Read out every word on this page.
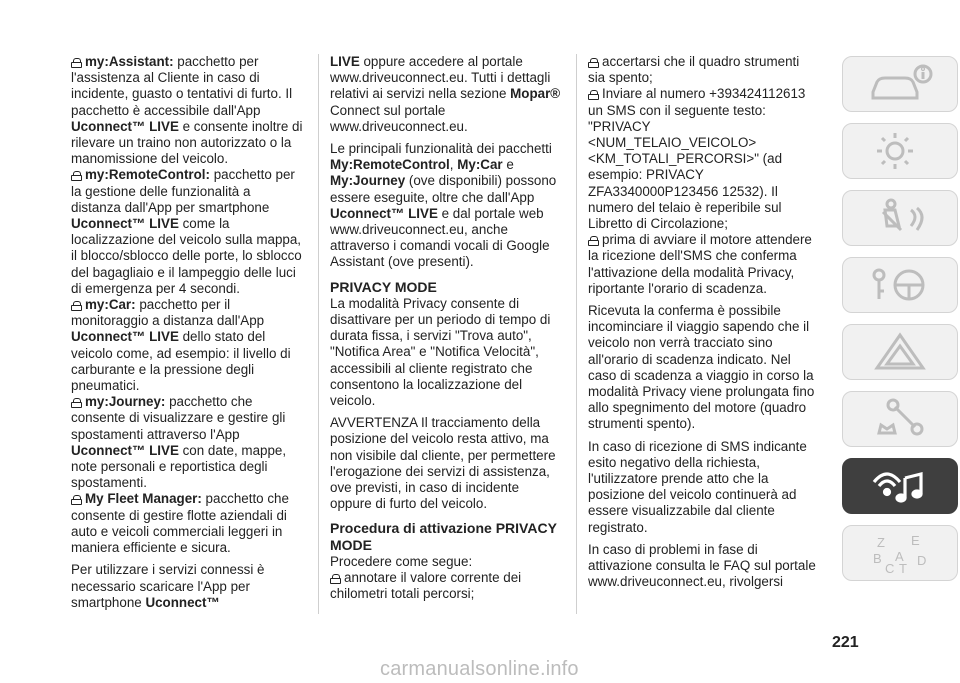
my:Assistant: pacchetto per l'assistenza al Cliente in caso di incidente, guasto o tentativi di furto. Il pacchetto è accessibile dall'App Uconnect™ LIVE e consente inoltre di rilevare un traino non autorizzato o la manomissione del veicolo.

my:RemoteControl: pacchetto per la gestione delle funzionalità a distanza dall'App per smartphone Uconnect™ LIVE come la localizzazione del veicolo sulla mappa, il blocco/sblocco delle porte, lo sblocco del bagagliaio e il lampeggio delle luci di emergenza per 4 secondi.

my:Car: pacchetto per il monitoraggio a distanza dall'App Uconnect™ LIVE dello stato del veicolo come, ad esempio: il livello di carburante e la pressione degli pneumatici.

my:Journey: pacchetto che consente di visualizzare e gestire gli spostamenti attraverso l'App Uconnect™ LIVE con date, mappe, note personali e reportistica degli spostamenti.

My Fleet Manager: pacchetto che consente di gestire flotte aziendali di auto e veicoli commerciali leggeri in maniera efficiente e sicura.

Per utilizzare i servizi connessi è necessario scaricare l'App per smartphone Uconnect™

LIVE oppure accedere al portale www.driveuconnect.eu. Tutti i dettagli relativi ai servizi nella sezione Mopar® Connect sul portale www.driveuconnect.eu.

Le principali funzionalità dei pacchetti My:RemoteControl, My:Car e My:Journey (ove disponibili) possono essere eseguite, oltre che dall'App Uconnect™ LIVE e dal portale web www.driveuconnect.eu, anche attraverso i comandi vocali di Google Assistant (ove presenti).

PRIVACY MODE

La modalità Privacy consente di disattivare per un periodo di tempo di durata fissa, i servizi "Trova auto", "Notifica Area" e "Notifica Velocità", accessibili al cliente registrato che consentono la localizzazione del veicolo.

AVVERTENZA Il tracciamento della posizione del veicolo resta attivo, ma non visibile dal cliente, per permettere l'erogazione dei servizi di assistenza, ove previsti, in caso di incidente oppure di furto del veicolo.

Procedura di attivazione PRIVACY MODE

Procedere come segue:

annotare il valore corrente dei chilometri totali percorsi;

accertarsi che il quadro strumenti sia spento;

Inviare al numero +393424112613 un SMS con il seguente testo: "PRIVACY <NUM_TELAIO_VEICOLO> <KM_TOTALI_PERCORSI>" (ad esempio: PRIVACY ZFA3340000P123456 12532). Il numero del telaio è reperibile sul Libretto di Circolazione;

prima di avviare il motore attendere la ricezione dell'SMS che conferma l'attivazione della modalità Privacy, riportante l'orario di scadenza.

Ricevuta la conferma è possibile incominciare il viaggio sapendo che il veicolo non verrà tracciato sino all'orario di scadenza indicato. Nel caso di scadenza a viaggio in corso la modalità Privacy viene prolungata fino allo spegnimento del motore (quadro strumenti spento).

In caso di ricezione di SMS indicante esito negativo della richiesta, l'utilizzatore prende atto che la posizione del veicolo continuerà ad essere visualizzabile dal cliente registrato.

In caso di problemi in fase di attivazione consulta le FAQ sul portale www.driveuconnect.eu, rivolgersi

Z E
B A
C T
D
221
carmanualsonline.info
